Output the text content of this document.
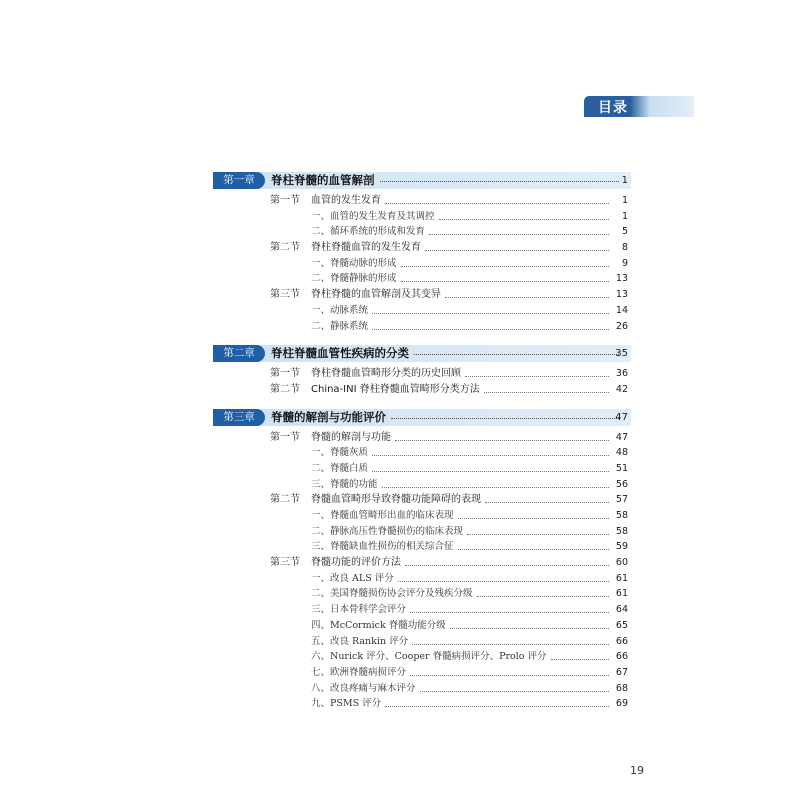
目录
第一章	脊柱脊髓的血管解剖	1
第一节 血管的发生发育	1
一、血管的发生发育及其调控	1
二、循环系统的形成和发育	5
第二节 脊柱脊髓血管的发生发育	8
一、脊髓动脉的形成	9
二、脊髓静脉的形成	13
第三节 脊柱脊髓的血管解剖及其变异	13
一、动脉系统	14
二、静脉系统	26
第二章	脊柱脊髓血管性疾病的分类	35
第一节 脊柱脊髓血管畸形分类的历史回顾	36
第二节 China-INI 脊柱脊髓血管畸形分类方法	42
第三章	脊髓的解剖与功能评价	47
第一节 脊髓的解剖与功能	47
一、脊髓灰质	48
二、脊髓白质	51
三、脊髓的功能	56
第二节 脊髓血管畸形导致脊髓功能障碍的表现	57
一、脊髓血管畸形出血的临床表现	58
二、静脉高压性脊髓损伤的临床表现	58
三、脊髓缺血性损伤的相关综合征	59
第三节 脊髓功能的评价方法	60
一、改良 ALS 评分	61
二、美国脊髓损伤协会评分及残疾分级	61
三、日本骨科学会评分	64
四、McCormick 脊髓功能分级	65
五、改良 Rankin 评分	66
六、Nurick 评分、Cooper 脊髓病损评分、Prolo 评分	66
七、欧洲脊髓病损评分	67
八、改良疼痛与麻木评分	68
九、PSMS 评分	69
19
